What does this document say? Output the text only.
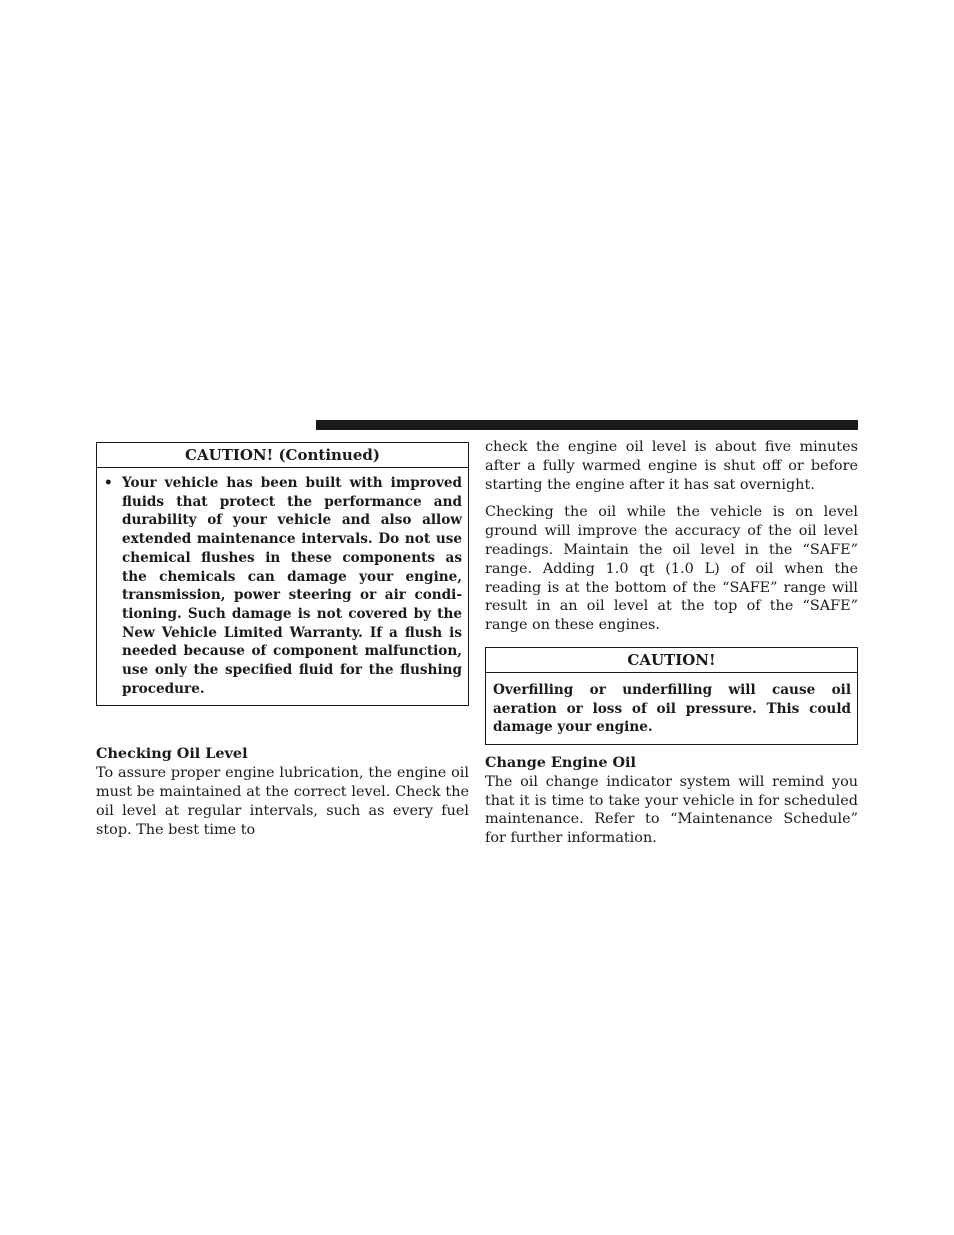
CAUTION! (Continued)
• Your vehicle has been built with improved fluids that protect the performance and durability of your vehicle and also allow extended maintenance intervals. Do not use chemical flushes in these components as the chemicals can damage your engine, transmission, power steering or air condi-tioning. Such damage is not covered by the New Vehicle Limited Warranty. If a flush is needed because of component malfunction, use only the specified fluid for the flushing procedure.
Checking Oil Level

To assure proper engine lubrication, the engine oil must be maintained at the correct level. Check the oil level at regular intervals, such as every fuel stop. The best time to

check the engine oil level is about five minutes after a fully warmed engine is shut off or before starting the engine after it has sat overnight.

Checking the oil while the vehicle is on level ground will improve the accuracy of the oil level readings. Maintain the oil level in the “SAFE” range. Adding 1.0 qt (1.0 L) of oil when the reading is at the bottom of the “SAFE” range will result in an oil level at the top of the “SAFE” range on these engines.

CAUTION!

Overfilling or underfilling will cause oil aeration or loss of oil pressure. This could damage your engine.

Change Engine Oil

The oil change indicator system will remind you that it is time to take your vehicle in for scheduled maintenance. Refer to “Maintenance Schedule” for further information.
